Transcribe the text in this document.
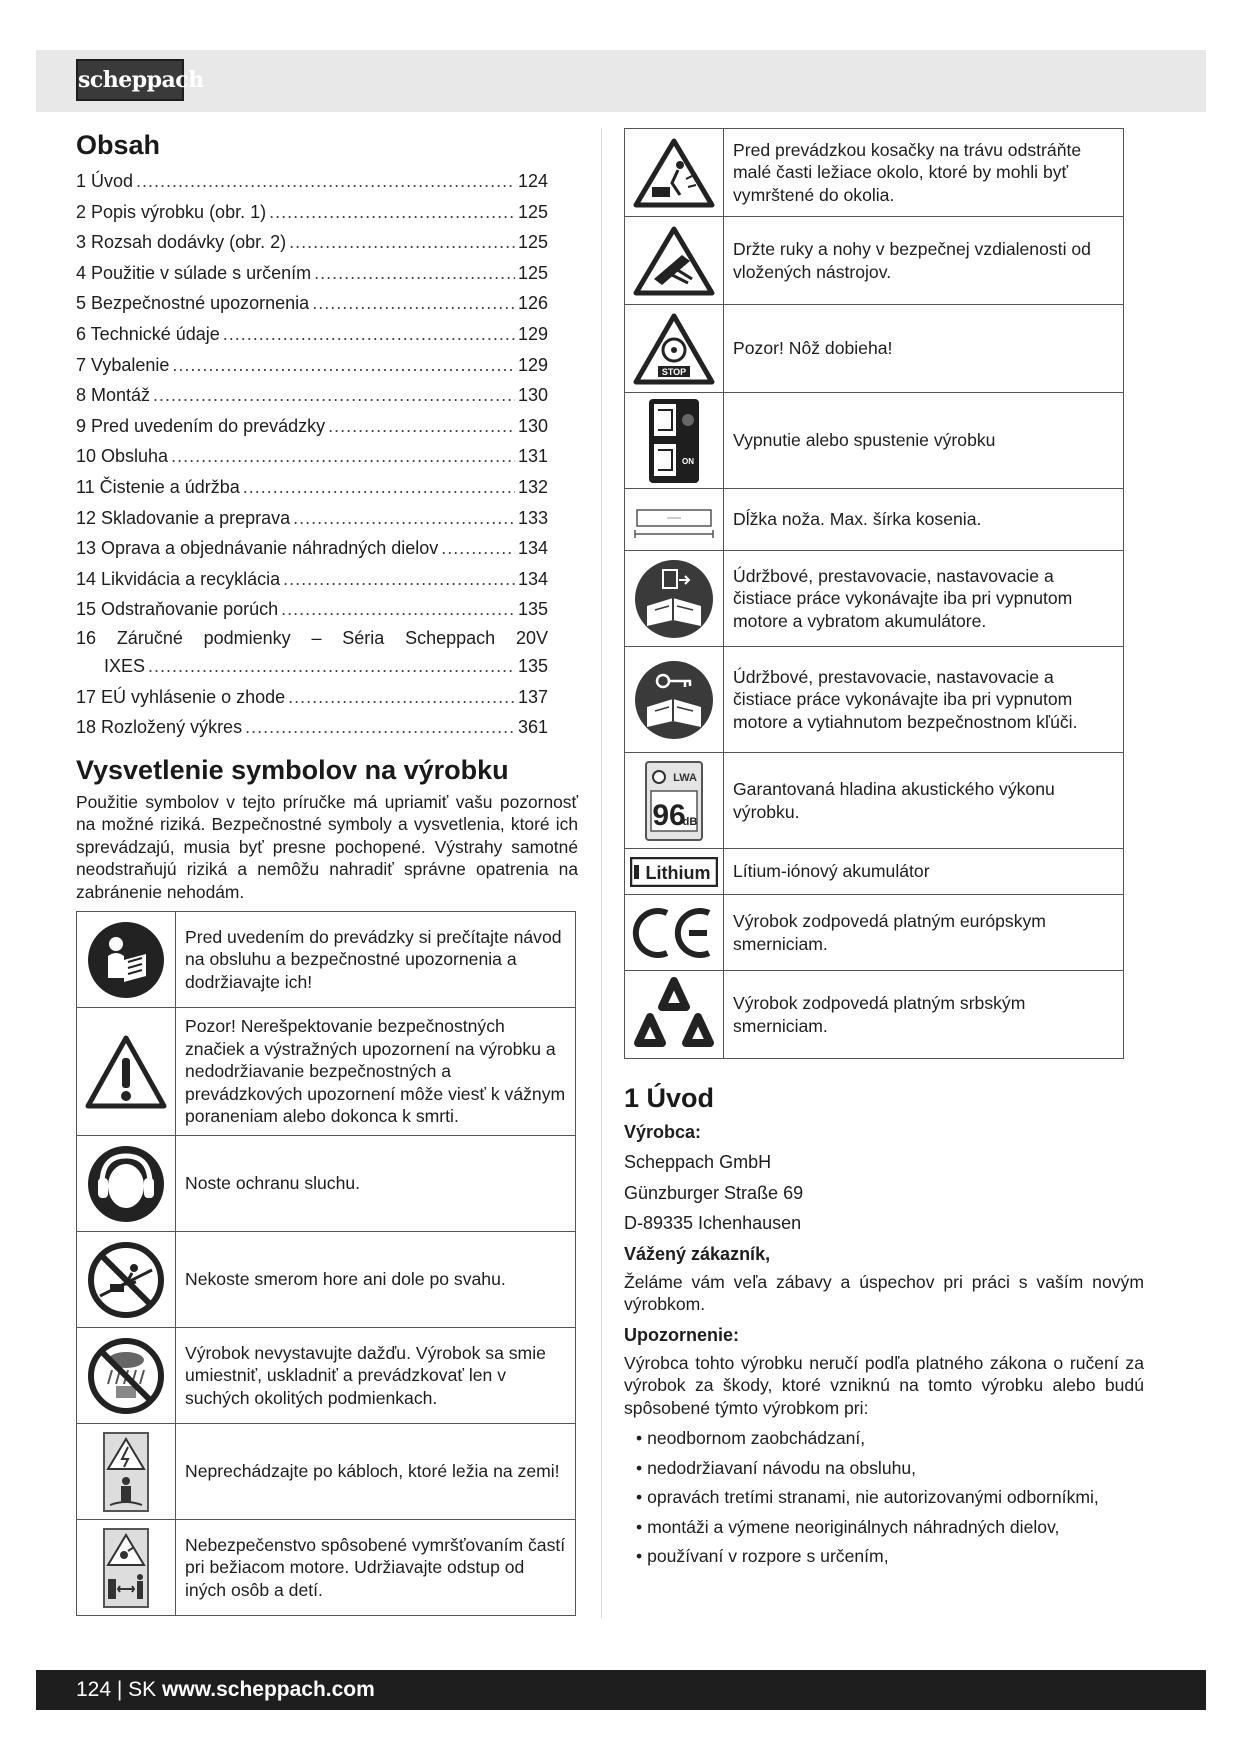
scheppach
Obsah
1 Úvod .....	124
2 Popis výrobku (obr. 1) .....	125
3 Rozsah dodávky (obr. 2) .....	125
4 Použitie v súlade s určením .....	125
5 Bezpečnostné upozornenia .....	126
6 Technické údaje .....	129
7 Vybalenie .....	129
8 Montáž .....	130
9 Pred uvedením do prevádzky .....	130
10 Obsluha .....	131
11 Čistenie a údržba .....	132
12 Skladovanie a preprava .....	133
13 Oprava a objednávanie náhradných dielov .....	134
14 Likvidácia a recyklácia .....	134
15 Odstraňovanie porúch .....	135
16 Záručné podmienky – Séria Scheppach 20V
IXES .....	135
17 EÚ vyhlásenie o zhode .....	137
18 Rozložený výkres .....	361
Vysvetlenie symbolov na výrobku

Použitie symbolov v tejto príručke má upriamiť vašu pozornosť na možné riziká. Bezpečnostné symboly a vysvetlenia, ktoré ich sprevádzajú, musia byť presne pochopené. Výstrahy samotné neodstraňujú riziká a nemôžu nahradiť správne opatrenia na zabránenie nehodám.

	Pred uvedením do prevádzky si prečítajte návod na obsluhu a bezpečnostné upozornenia a dodržiavajte ich!

	Pozor! Nerešpektovanie bezpečnostných značiek a výstražných upozornení na výrobku a nedodržiavanie bezpečnostných a prevádzkových upozornení môže viesť k vážnym poraneniam alebo dokonca k smrti.

	Noste ochranu sluchu.

	Nekoste smerom hore ani dole po svahu.

	Výrobok nevystavujte dažďu. Výrobok sa smie umiestniť, uskladniť a prevádzkovať len v suchých okolitých podmienkach.

	Neprechádzajte po kábloch, ktoré ležia na zemi!

	Nebezpečenstvo spôsobené vymršťovaním častí pri bežiacom motore. Udržiavajte odstup od iných osôb a detí.
	Pred prevádzkou kosačky na trávu odstráňte malé časti ležiace okolo, ktoré by mohli byť vymrštené do okolia.

	Držte ruky a nohy v bezpečnej vzdialenosti od vložených nástrojov.

STOP	Pozor! Nôž dobieha!

ON	Vypnutie alebo spustenie výrobku

	Dĺžka noža. Max. šírka kosenia.

	Údržbové, prestavovacie, nastavovacie a čistiace práce vykonávajte iba pri vypnutom motore a vybratom akumulátore.

	Údržbové, prestavovacie, nastavovacie a čistiace práce vykonávajte iba pri vypnutom motore a vytiahnutom bezpečnostnom kľúči.

LWA
96
dB	Garantovaná hladina akustického výkonu výrobku.

Lithium	Lítium-iónový akumulátor

	Výrobok zodpovedá platným európskym smerniciam.

	Výrobok zodpovedá platným srbským smerniciam.
1 Úvod
Výrobca:
Scheppach GmbH
Günzburger Straße 69
D-89335 Ichenhausen
Vážený zákazník,

Želáme vám veľa zábavy a úspechov pri práci s vaším novým výrobkom.

Upozornenie:

Výrobca tohto výrobku neručí podľa platného zákona o ručení za výrobok za škody, ktoré vzniknú na tomto výrobku alebo budú spôsobené týmto výrobkom pri:

• neodbornom zaobchádzaní,
• nedodržiavaní návodu na obsluhu,
• opravách tretími stranami, nie autorizovanými odborníkmi,
• montáži a výmene neoriginálnych náhradných dielov,
• používaní v rozpore s určením,
124 | SK www.scheppach.com
